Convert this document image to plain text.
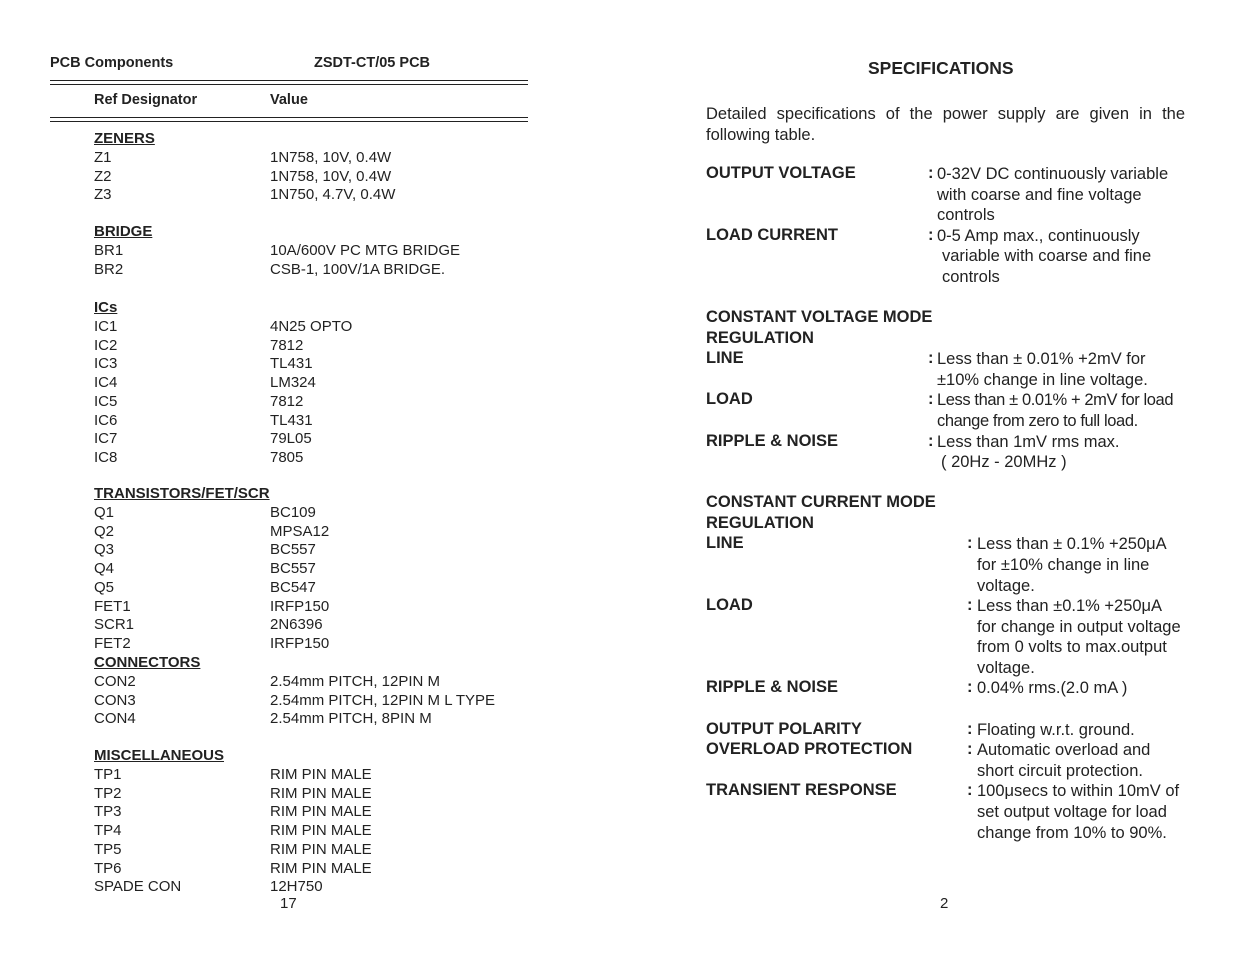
PCB Components	ZSDT-CT/05 PCB
Ref Designator	Value
ZENERS
Z1	1N758, 10V, 0.4W
Z2	1N758, 10V, 0.4W
Z3	1N750, 4.7V, 0.4W
BRIDGE
BR1	10A/600V PC MTG BRIDGE
BR2	CSB-1, 100V/1A BRIDGE.
ICs
IC1	4N25 OPTO
IC2	7812
IC3	TL431
IC4	LM324
IC5	7812
IC6	TL431
IC7	79L05
IC8	7805
TRANSISTORS/FET/SCR
Q1	BC109
Q2	MPSA12
Q3	BC557
Q4	BC557
Q5	BC547
FET1	IRFP150
SCR1	2N6396
FET2	IRFP150
CONNECTORS
CON2	2.54mm PITCH, 12PIN M
CON3	2.54mm PITCH, 12PIN M L TYPE
CON4	2.54mm PITCH, 8PIN M
MISCELLANEOUS
TP1	RIM PIN MALE
TP2	RIM PIN MALE
TP3	RIM PIN MALE
TP4	RIM PIN MALE
TP5	RIM PIN MALE
TP6	RIM PIN MALE
SPADE CON	12H750
17
SPECIFICATIONS
Detailed specifications of the power supply are given in the
following table.
OUTPUT VOLTAGE	: 0-32V DC continuously variable
with coarse and fine voltage
controls
LOAD CURRENT	: 0-5 Amp max., continuously
variable with coarse and fine
controls
CONSTANT VOLTAGE MODE
REGULATION
LINE	: Less than ± 0.01% +2mV for
±10% change in line voltage.
LOAD	: Less than ± 0.01% + 2mV for load
change from zero to full load.
RIPPLE & NOISE	: Less than 1mV rms max.
( 20Hz - 20MHz )
CONSTANT CURRENT MODE
REGULATION
LINE	: Less than ± 0.1% +250μA
for ±10% change in line
voltage.
LOAD	: Less than ±0.1% +250μA
for change in output voltage
from 0 volts to max.output
voltage.
RIPPLE & NOISE	: 0.04% rms.(2.0 mA )
OUTPUT POLARITY	: Floating w.r.t. ground.
OVERLOAD PROTECTION	: Automatic overload and
short circuit protection.
TRANSIENT RESPONSE	: 100μsecs to within 10mV of
set output voltage for load
change from 10% to 90%.
2
